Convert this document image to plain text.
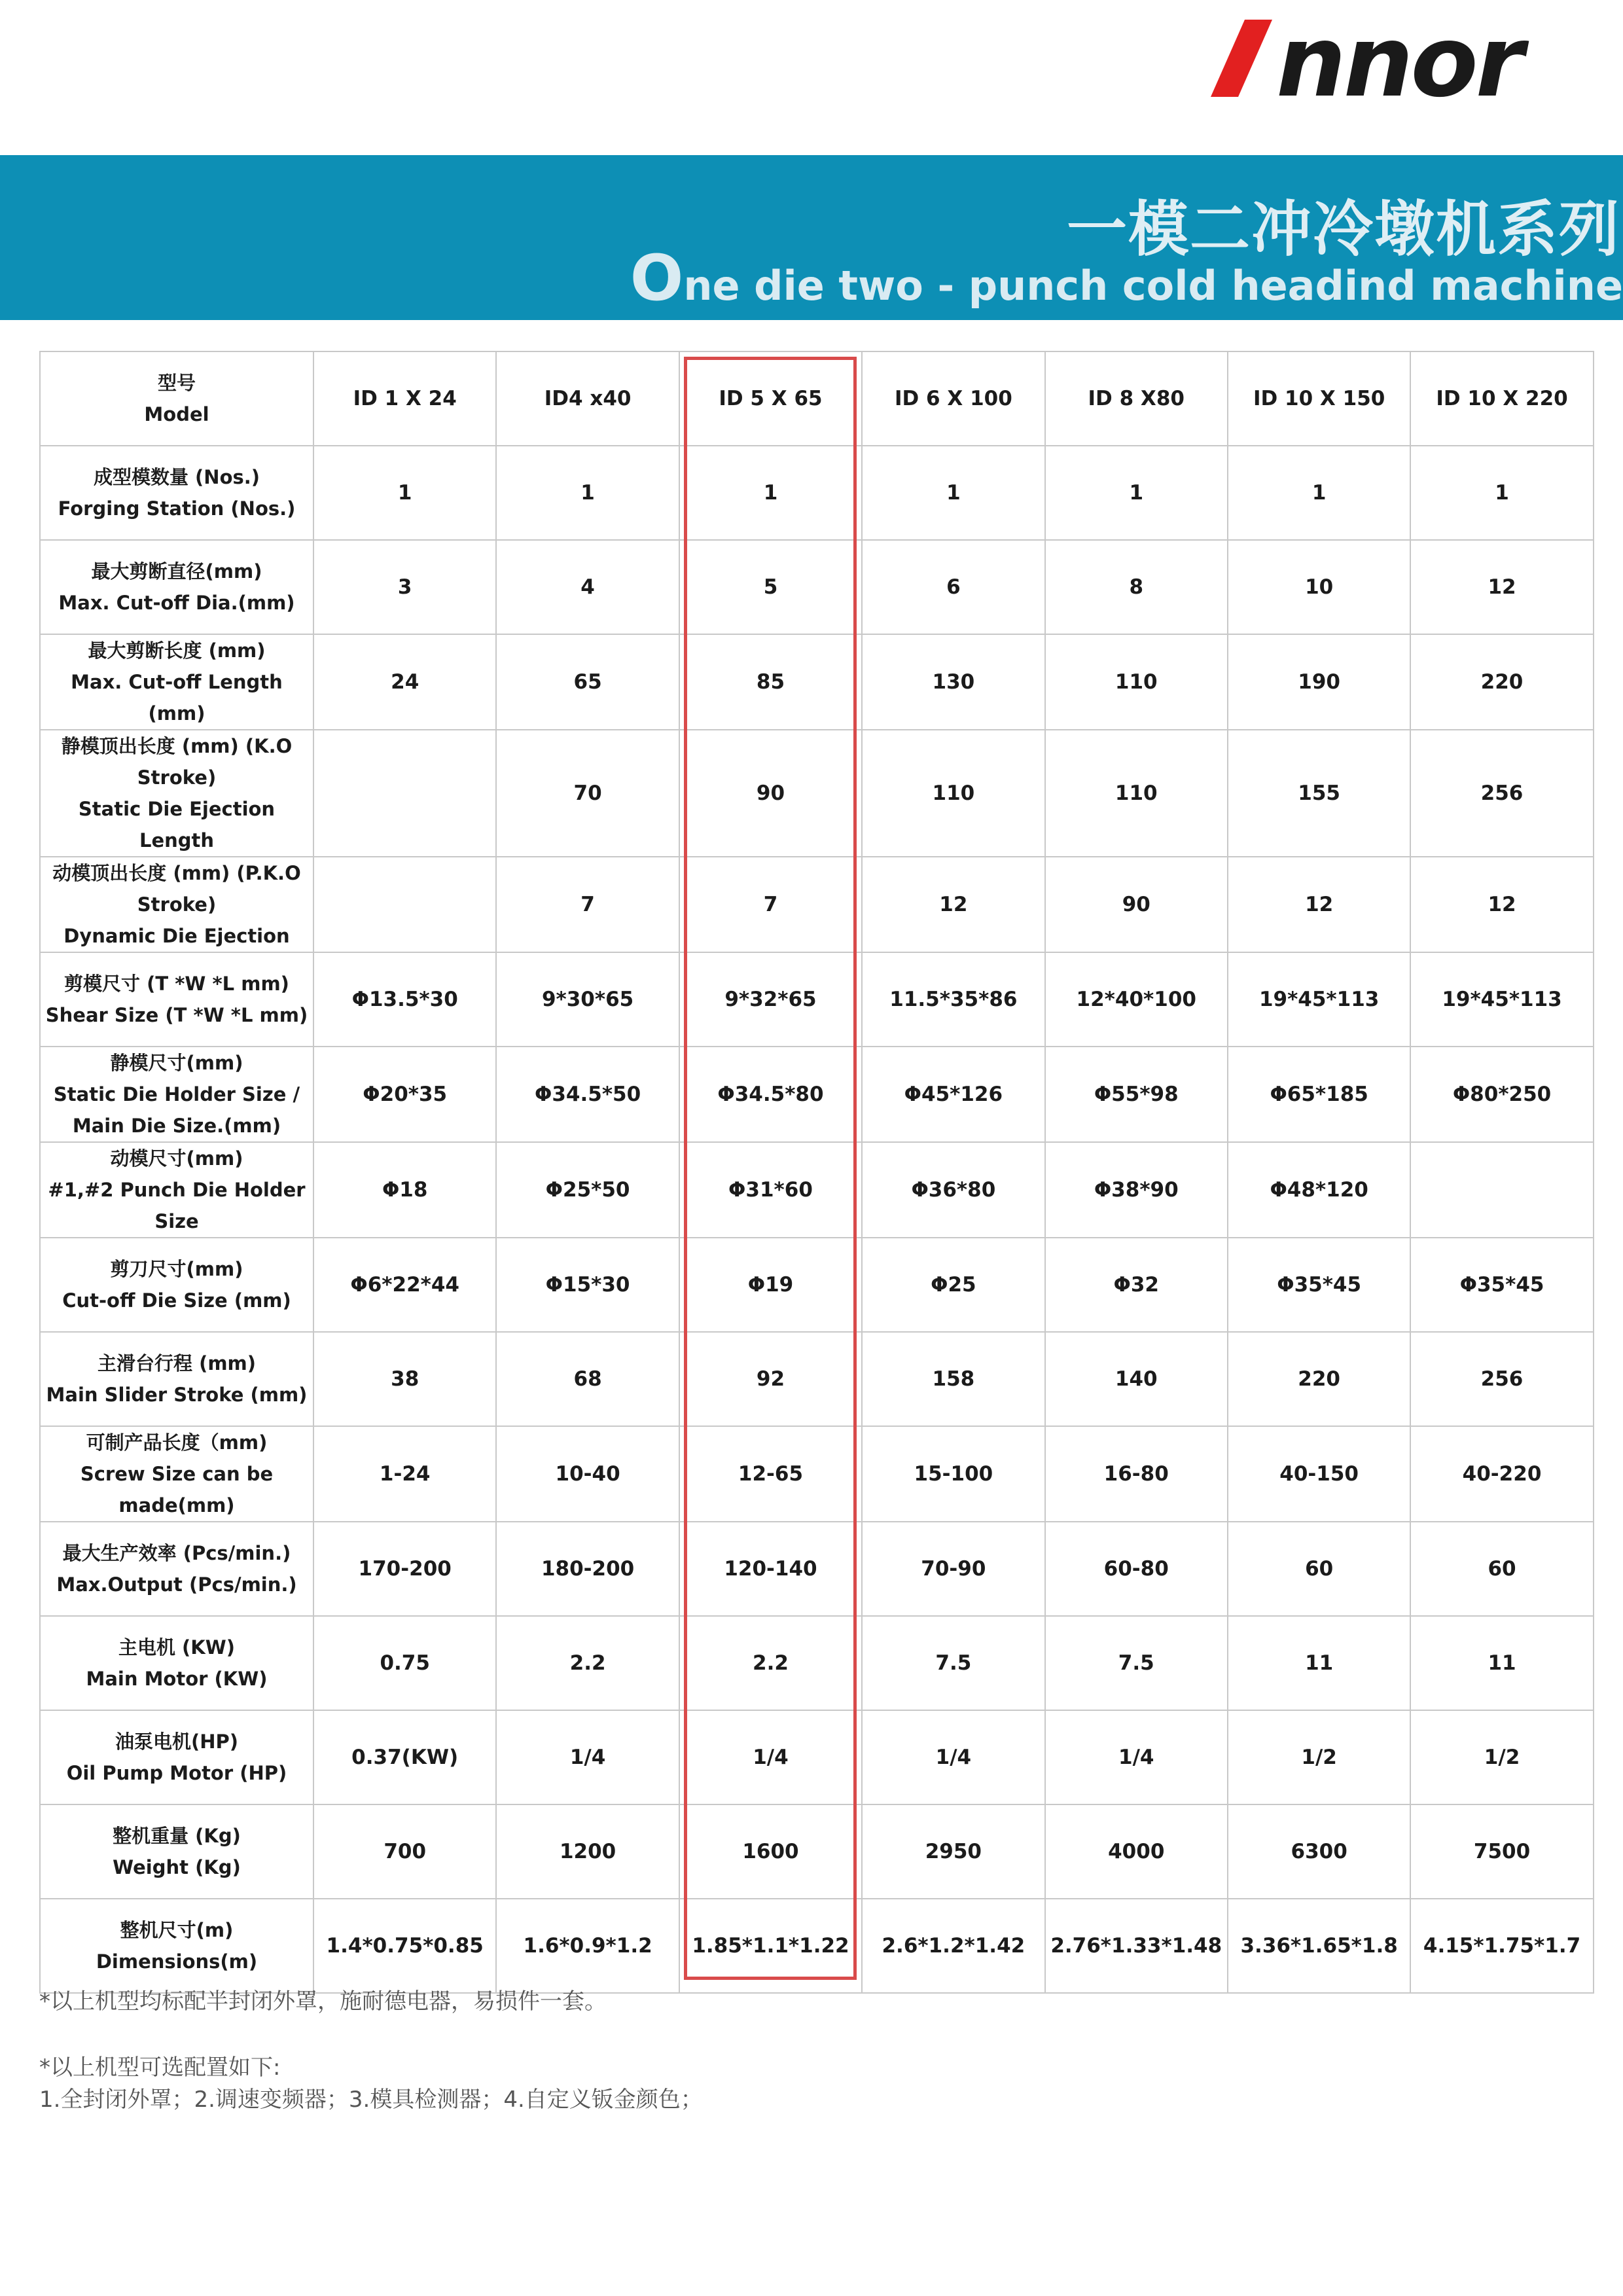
nnor
一模二冲冷墩机系列
One die two - punch cold headind machine
型号
Model	ID 1 X 24	ID4 x40	ID 5 X 65	ID 6 X 100	ID 8 X80	ID 10 X 150	ID 10 X 220

成型模数量 (Nos.)
Forging Station (Nos.)	1	1	1	1	1	1	1

最大剪断直径(mm)
Max. Cut-off Dia.(mm)	3	4	5	6	8	10	12

最大剪断长度 (mm)
Max. Cut-off Length (mm)	24	65	85	130	110	190	220

静模顶出长度 (mm) (K.O
Stroke)
Static Die Ejection Length		70	90	110	110	155	256

动模顶出长度 (mm) (P.K.O
Stroke)
Dynamic Die Ejection		7	7	12	90	12	12

剪模尺寸 (T *W *L mm)
Shear Size (T *W *L mm)	Φ13.5*30	9*30*65	9*32*65	11.5*35*86	12*40*100	19*45*113	19*45*113

静模尺寸(mm)
Static Die Holder Size /
Main Die Size.(mm)	Φ20*35	Φ34.5*50	Φ34.5*80	Φ45*126	Φ55*98	Φ65*185	Φ80*250

动模尺寸(mm)
#1,#2 Punch Die Holder
Size	Φ18	Φ25*50	Φ31*60	Φ36*80	Φ38*90	Φ48*120	

剪刀尺寸(mm)
Cut-off Die Size (mm)	Φ6*22*44	Φ15*30	Φ19	Φ25	Φ32	Φ35*45	Φ35*45

主滑台行程 (mm)
Main Slider Stroke (mm)	38	68	92	158	140	220	256

可制产品长度（mm)
Screw Size can be
made(mm)	1-24	10-40	12-65	15-100	16-80	40-150	40-220

最大生产效率 (Pcs/min.)
Max.Output (Pcs/min.)	170-200	180-200	120-140	70-90	60-80	60	60

主电机 (KW)
Main Motor (KW)	0.75	2.2	2.2	7.5	7.5	11	11

油泵电机(HP)
Oil Pump Motor (HP)	0.37(KW)	1/4	1/4	1/4	1/4	1/2	1/2

整机重量 (Kg)
Weight (Kg)	700	1200	1600	2950	4000	6300	7500

整机尺寸(m)
Dimensions(m)	1.4*0.75*0.85	1.6*0.9*1.2	1.85*1.1*1.22	2.6*1.2*1.42	2.76*1.33*1.48	3.36*1.65*1.8	4.15*1.75*1.7
*以上机型均标配半封闭外罩，施耐德电器，易损件一套。
*以上机型可选配置如下:
1.全封闭外罩；2.调速变频器；3.模具检测器；4.自定义钣金颜色；
